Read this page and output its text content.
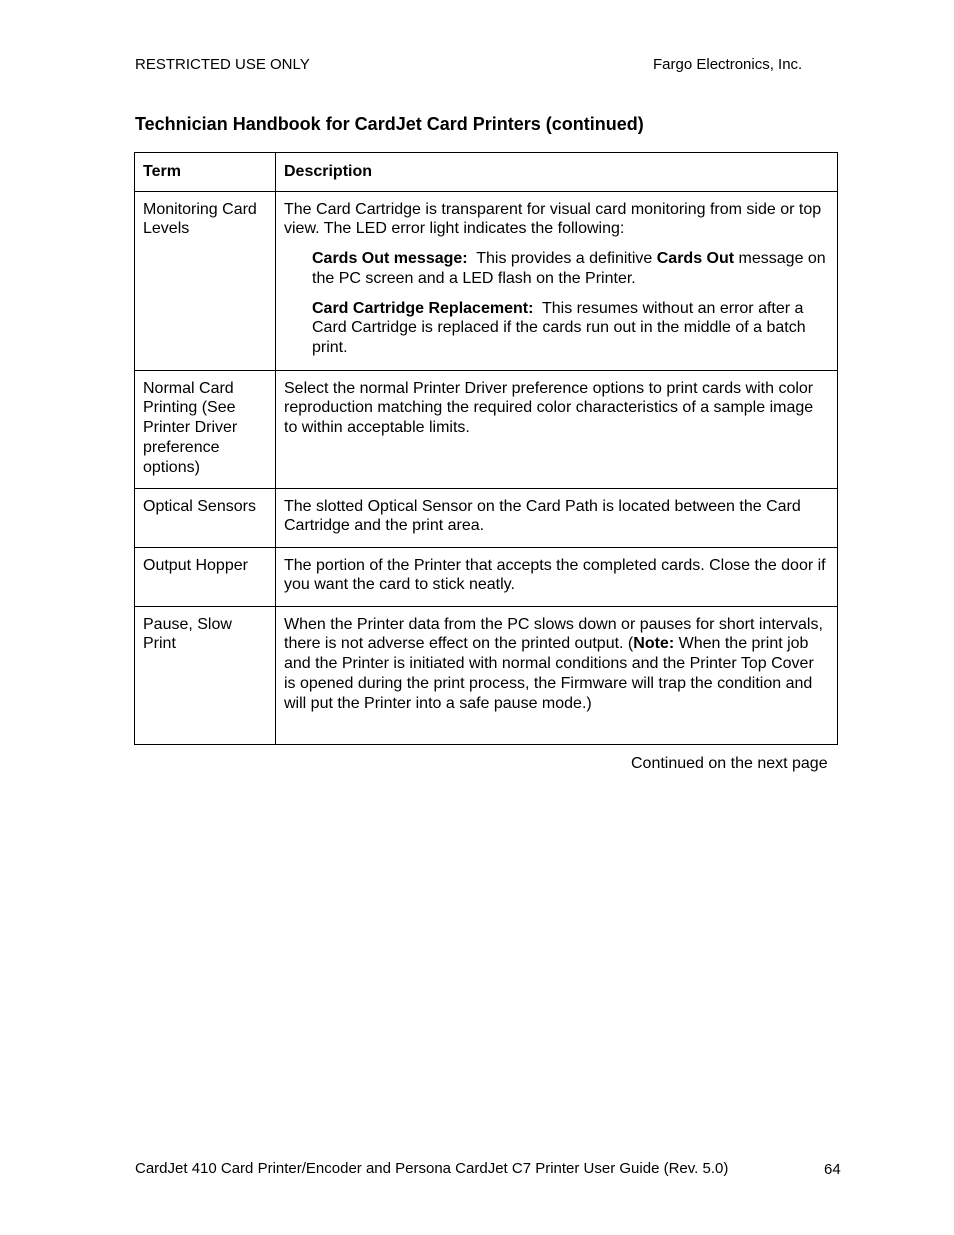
RESTRICTED USE ONLY	Fargo Electronics, Inc.
Technician Handbook for CardJet Card Printers (continued)
Term	Description
Monitoring Card Levels	The Card Cartridge is transparent for visual card monitoring from side or top view. The LED error light indicates the following:

Cards Out message:  This provides a definitive Cards Out message on the PC screen and a LED flash on the Printer.

Card Cartridge Replacement:  This resumes without an error after a Card Cartridge is replaced if the cards run out in the middle of a batch print.

Normal Card Printing (See Printer Driver preference options)	Select the normal Printer Driver preference options to print cards with color reproduction matching the required color characteristics of a sample image to within acceptable limits.

Optical Sensors	The slotted Optical Sensor on the Card Path is located between the Card Cartridge and the print area.

Output Hopper	The portion of the Printer that accepts the completed cards. Close the door if you want the card to stick neatly.

Pause, Slow Print	When the Printer data from the PC slows down or pauses for short intervals, there is not adverse effect on the printed output. (Note: When the print job and the Printer is initiated with normal conditions and the Printer Top Cover is opened during the print process, the Firmware will trap the condition and will put the Printer into a safe pause mode.)

Continued on the next page
CardJet 410 Card Printer/Encoder and Persona CardJet C7 Printer User Guide (Rev. 5.0)	64
